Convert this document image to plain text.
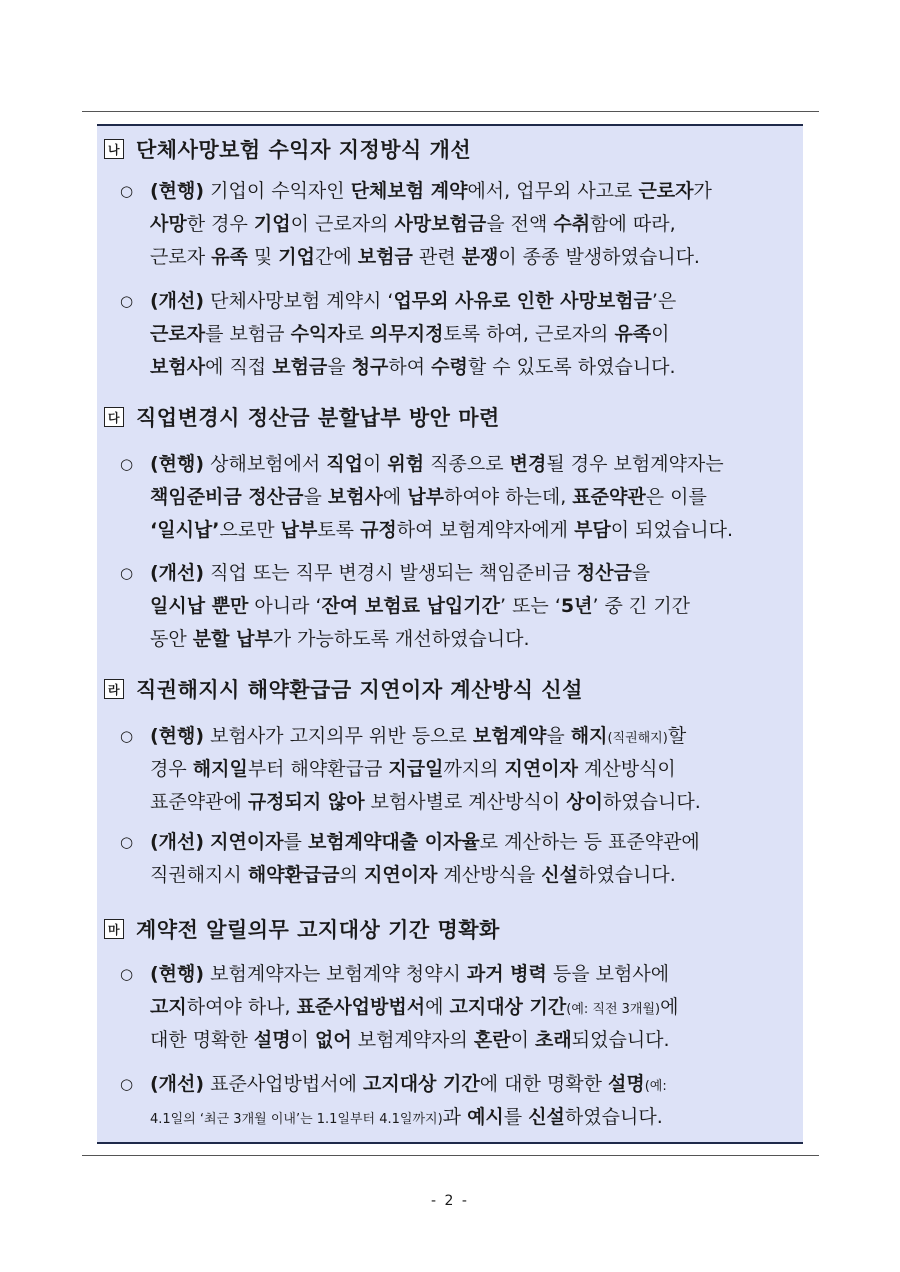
나 단체사망보험 수익자 지정방식 개선
○ (현행) 기업이 수익자인 단체보험 계약에서, 업무외 사고로 근로자가
사망한 경우 기업이 근로자의 사망보험금을 전액 수취함에 따라,
근로자 유족 및 기업간에 보험금 관련 분쟁이 종종 발생하였습니다.
○ (개선) 단체사망보험 계약시 ‘업무외 사유로 인한 사망보험금’은
근로자를 보험금 수익자로 의무지정토록 하여, 근로자의 유족이
보험사에 직접 보험금을 청구하여 수령할 수 있도록 하였습니다.
다 직업변경시 정산금 분할납부 방안 마련
○ (현행) 상해보험에서 직업이 위험 직종으로 변경될 경우 보험계약자는
책임준비금 정산금을 보험사에 납부하여야 하는데, 표준약관은 이를
‘일시납’으로만 납부토록 규정하여 보험계약자에게 부담이 되었습니다.
○ (개선) 직업 또는 직무 변경시 발생되는 책임준비금 정산금을
일시납 뿐만 아니라 ‘잔여 보험료 납입기간’ 또는 ‘5년’ 중 긴 기간
동안 분할 납부가 가능하도록 개선하였습니다.
라 직권해지시 해약환급금 지연이자 계산방식 신설
○ (현행) 보험사가 고지의무 위반 등으로 보험계약을 해지(직권해지)할
경우 해지일부터 해약환급금 지급일까지의 지연이자 계산방식이
표준약관에 규정되지 않아 보험사별로 계산방식이 상이하였습니다.
○ (개선) 지연이자를 보험계약대출 이자율로 계산하는 등 표준약관에
직권해지시 해약환급금의 지연이자 계산방식을 신설하였습니다.
마 계약전 알릴의무 고지대상 기간 명확화
○ (현행) 보험계약자는 보험계약 청약시 과거 병력 등을 보험사에
고지하여야 하나, 표준사업방법서에 고지대상 기간(예: 직전 3개월)에
대한 명확한 설명이 없어 보험계약자의 혼란이 초래되었습니다.
○ (개선) 표준사업방법서에 고지대상 기간에 대한 명확한 설명(예:
4.1일의 ‘최근 3개월 이내’는 1.1일부터 4.1일까지)과 예시를 신설하였습니다.
- 2 -
